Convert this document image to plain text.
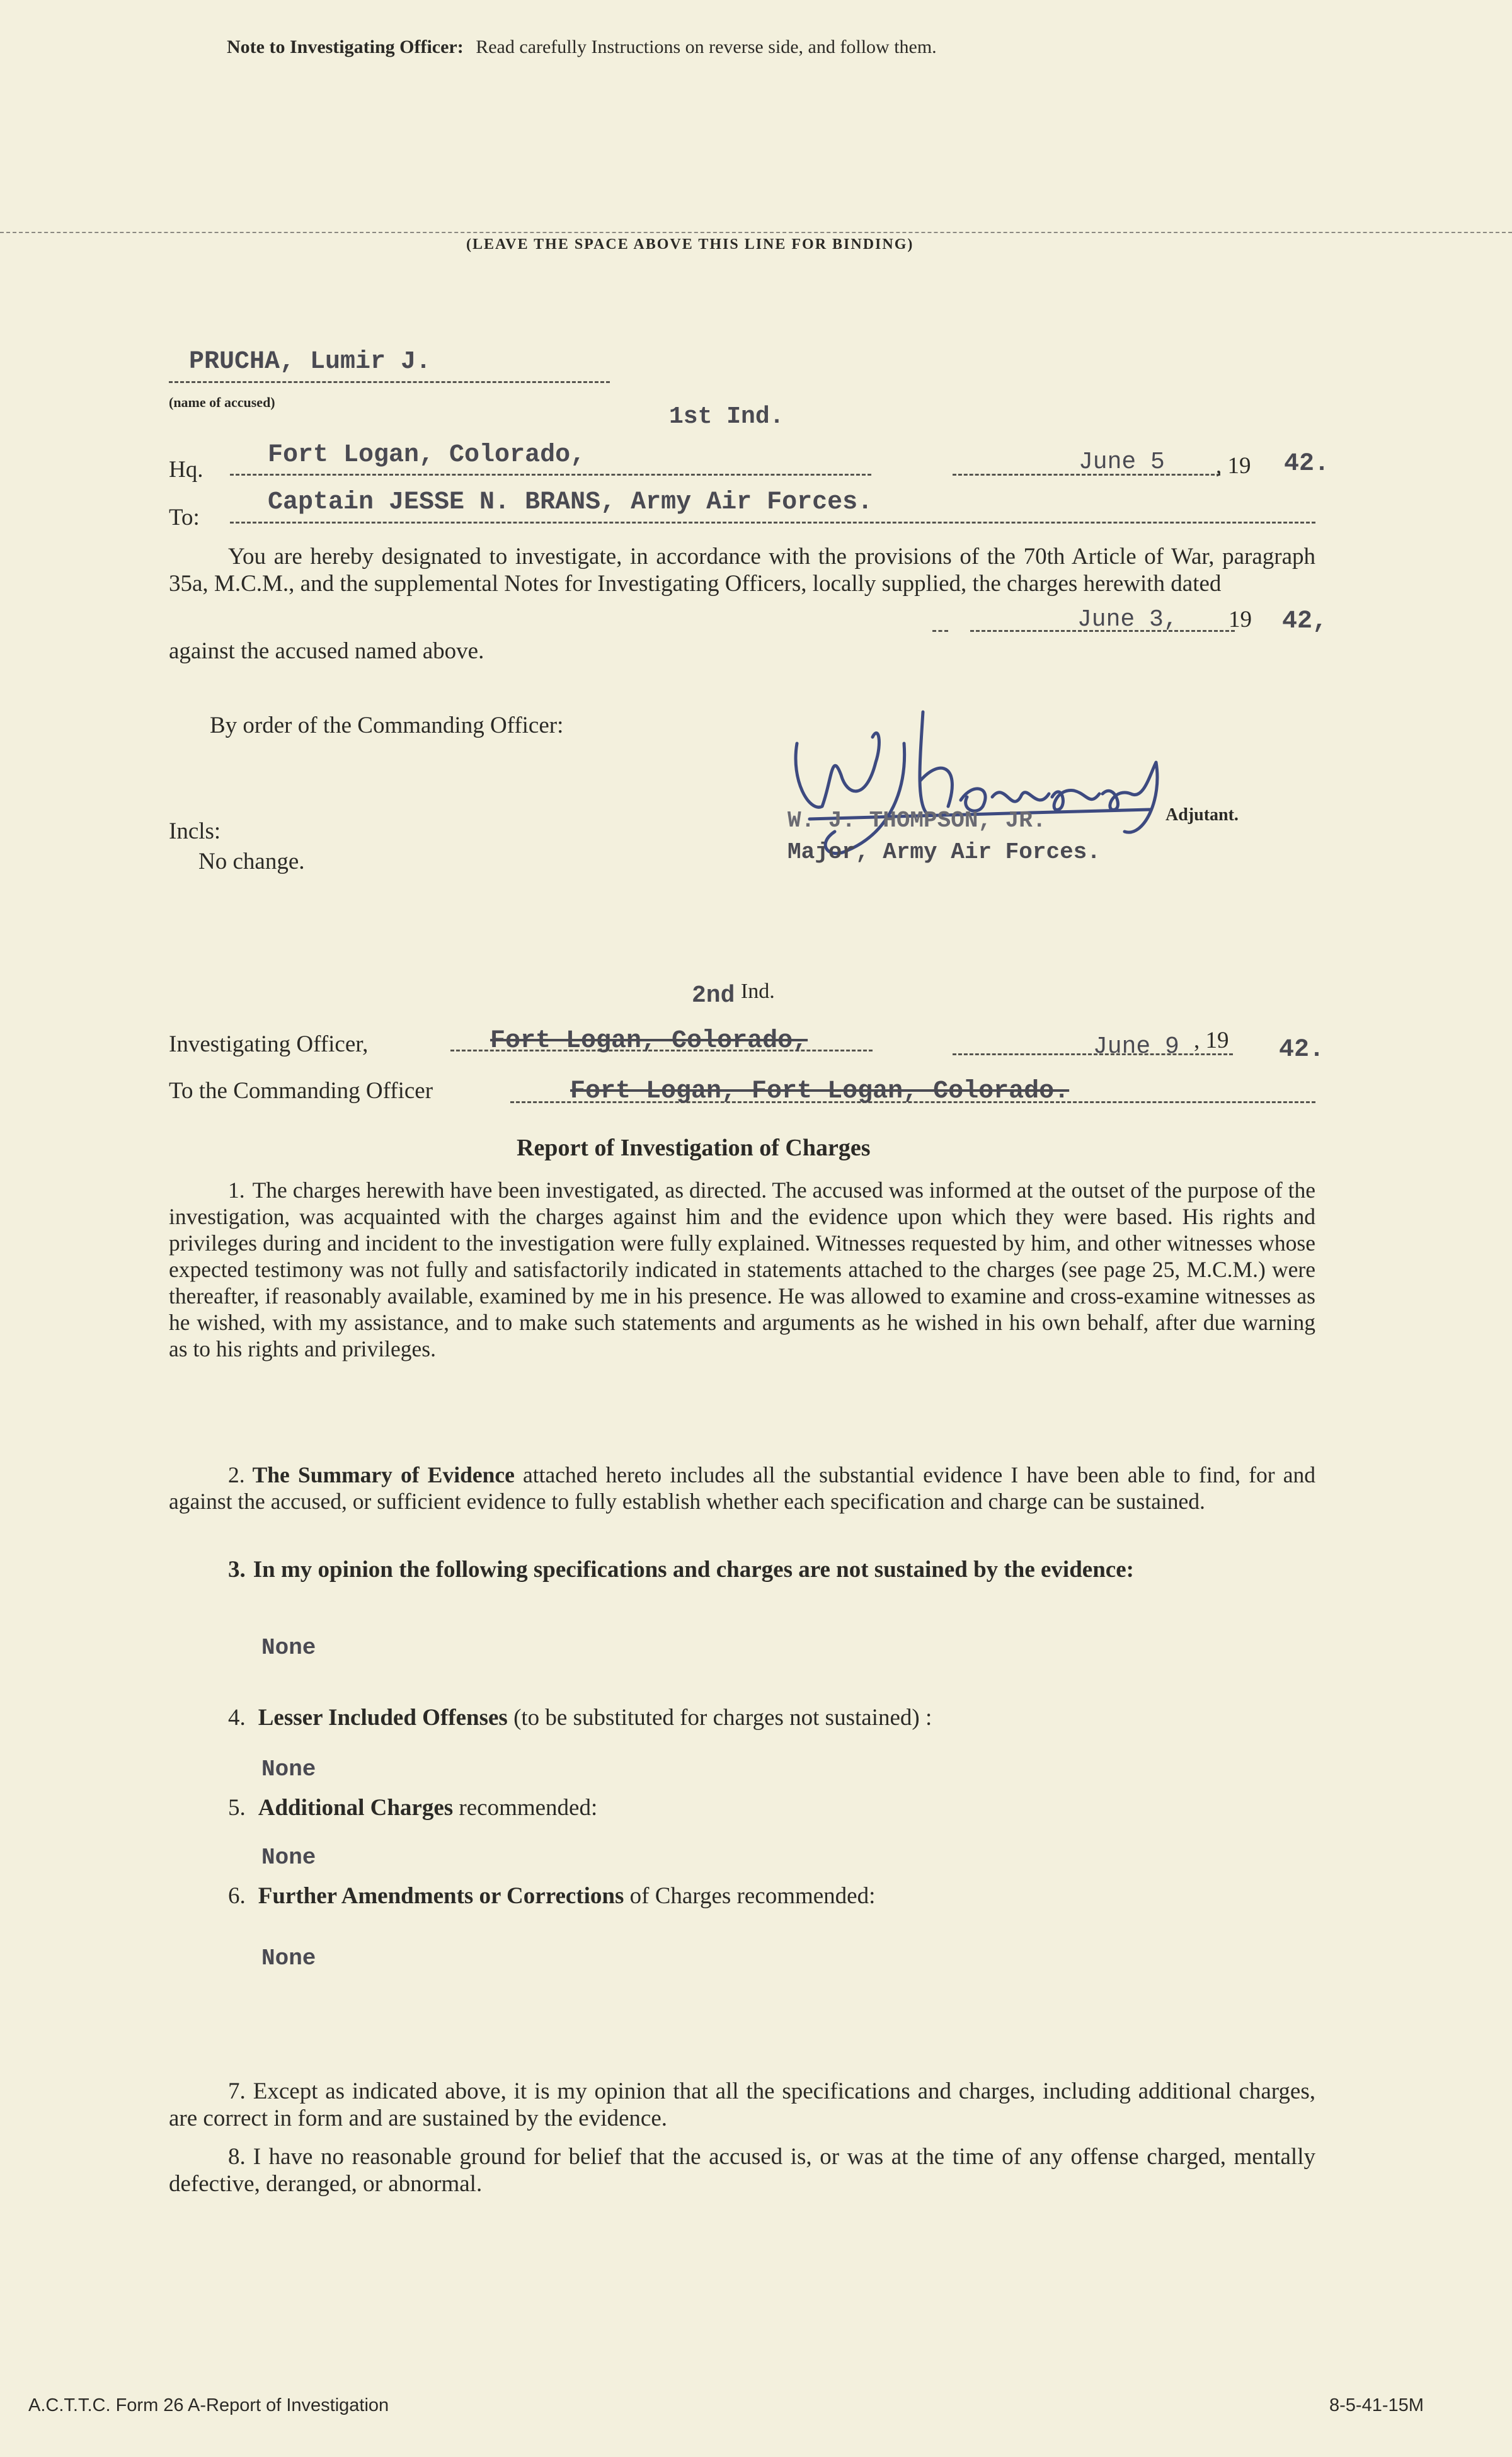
Note to Investigating Officer: Read carefully Instructions on reverse side, and follow them.
(LEAVE THE SPACE ABOVE THIS LINE FOR BINDING)
PRUCHA, Lumir J.
(name of accused)
1st Ind.
Hq.
Fort Logan, Colorado,	June 5 , 19 42.
To:
Captain JESSE N. BRANS, Army Air Forces.
You are hereby designated to investigate, in accordance with the provisions of the 70th Article of War, paragraph 35a, M.C.M., and the supplemental Notes for Investigating Officers, locally supplied, the charges herewith dated
June 3, 19 42,
against the accused named above.
By order of the Commanding Officer:
W. J. THOMPSON, JR.
Major, Army Air Forces.
Adjutant.
Incls:
No change.
2nd Ind.
Investigating Officer,	Fort Logan, Colorado,	June 9 , 19 42.
To the Commanding Officer	Fort Logan, Fort Logan, Colorado.
Report of Investigation of Charges
1. The charges herewith have been investigated, as directed. The accused was informed at the outset of the purpose of the investigation, was acquainted with the charges against him and the evidence upon which they were based. His rights and privileges during and incident to the investigation were fully explained. Witnesses requested by him, and other witnesses whose expected testimony was not fully and satisfactorily indicated in statements attached to the charges (see page 25, M.C.M.) were thereafter, if reasonably available, examined by me in his presence. He was allowed to examine and cross-examine witnesses as he wished, with my assistance, and to make such statements and arguments as he wished in his own behalf, after due warning as to his rights and privileges.
2. The Summary of Evidence attached hereto includes all the substantial evidence I have been able to find, for and against the accused, or sufficient evidence to fully establish whether each specification and charge can be sustained.
3. In my opinion the following specifications and charges are not sustained by the evidence:
None
4. Lesser Included Offenses (to be substituted for charges not sustained) :
None
5. Additional Charges recommended:
None
6. Further Amendments or Corrections of Charges recommended:
None
7. Except as indicated above, it is my opinion that all the specifications and charges, including additional charges, are correct in form and are sustained by the evidence.
8. I have no reasonable ground for belief that the accused is, or was at the time of any offense charged, mentally defective, deranged, or abnormal.
A.C.T.T.C. Form 26 A-Report of Investigation	8-5-41-15M
